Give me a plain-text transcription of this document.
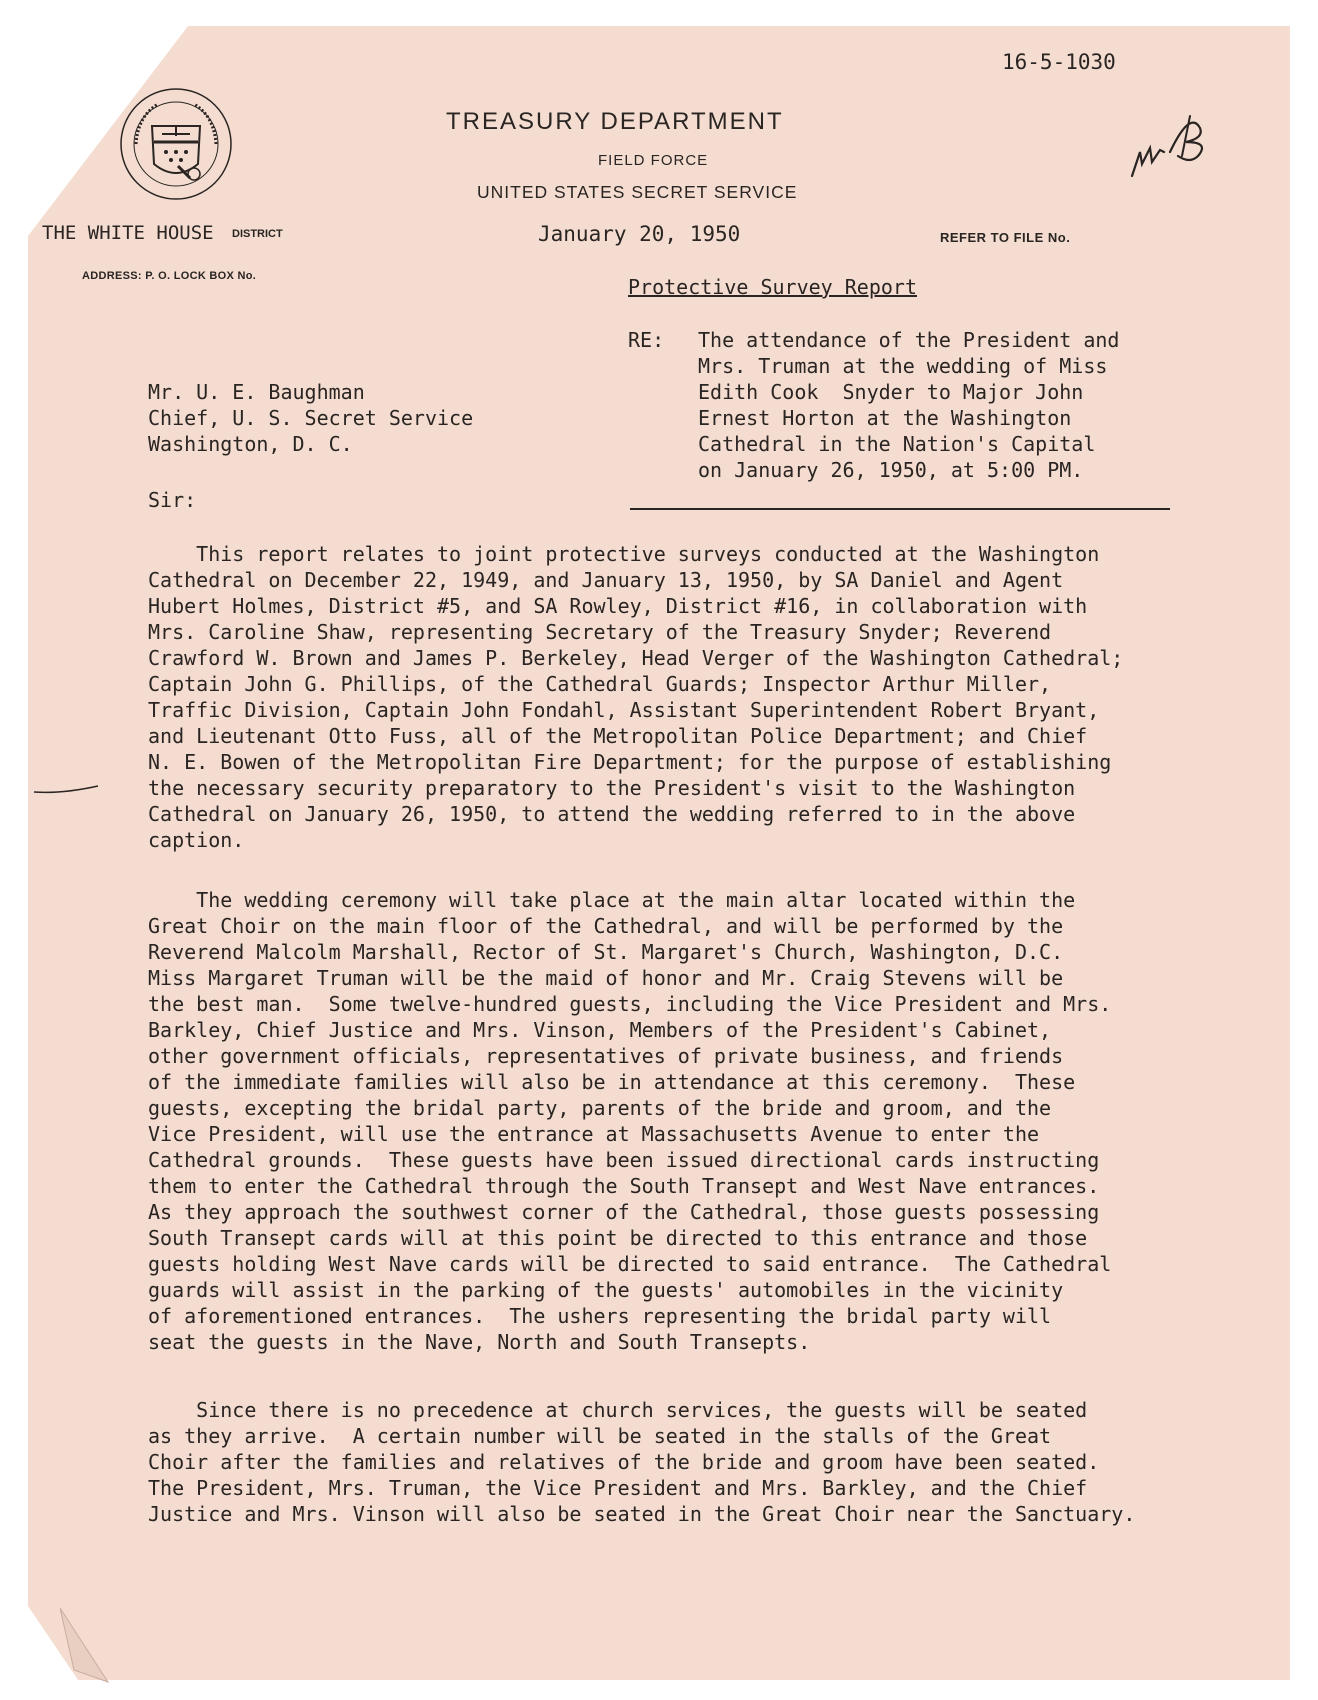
16-5-1030
TREASURY DEPARTMENT
FIELD FORCE
UNITED STATES SECRET SERVICE
THE WHITE HOUSE DISTRICT	January 20, 1950	REFER TO FILE No.
ADDRESS: P. O. LOCK BOX No.	Protective Survey Report
RE: The attendance of the President and
Mrs. Truman at the wedding of Miss
Edith Cook  Snyder to Major John
Ernest Horton at the Washington
Cathedral in the Nation's Capital
on January 26, 1950, at 5:00 PM.
Mr. U. E. Baughman
Chief, U. S. Secret Service
Washington, D. C.
Sir:
This report relates to joint protective surveys conducted at the Washington
Cathedral on December 22, 1949, and January 13, 1950, by SA Daniel and Agent
Hubert Holmes, District #5, and SA Rowley, District #16, in collaboration with
Mrs. Caroline Shaw, representing Secretary of the Treasury Snyder; Reverend
Crawford W. Brown and James P. Berkeley, Head Verger of the Washington Cathedral;
Captain John G. Phillips, of the Cathedral Guards; Inspector Arthur Miller,
Traffic Division, Captain John Fondahl, Assistant Superintendent Robert Bryant,
and Lieutenant Otto Fuss, all of the Metropolitan Police Department; and Chief
N. E. Bowen of the Metropolitan Fire Department; for the purpose of establishing
the necessary security preparatory to the President's visit to the Washington
Cathedral on January 26, 1950, to attend the wedding referred to in the above
caption.
The wedding ceremony will take place at the main altar located within the
Great Choir on the main floor of the Cathedral, and will be performed by the
Reverend Malcolm Marshall, Rector of St. Margaret's Church, Washington, D.C.
Miss Margaret Truman will be the maid of honor and Mr. Craig Stevens will be
the best man.  Some twelve-hundred guests, including the Vice President and Mrs.
Barkley, Chief Justice and Mrs. Vinson, Members of the President's Cabinet,
other government officials, representatives of private business, and friends
of the immediate families will also be in attendance at this ceremony.  These
guests, excepting the bridal party, parents of the bride and groom, and the
Vice President, will use the entrance at Massachusetts Avenue to enter the
Cathedral grounds.  These guests have been issued directional cards instructing
them to enter the Cathedral through the South Transept and West Nave entrances.
As they approach the southwest corner of the Cathedral, those guests possessing
South Transept cards will at this point be directed to this entrance and those
guests holding West Nave cards will be directed to said entrance.  The Cathedral
guards will assist in the parking of the guests' automobiles in the vicinity
of aforementioned entrances.  The ushers representing the bridal party will
seat the guests in the Nave, North and South Transepts.
Since there is no precedence at church services, the guests will be seated
as they arrive.  A certain number will be seated in the stalls of the Great
Choir after the families and relatives of the bride and groom have been seated.
The President, Mrs. Truman, the Vice President and Mrs. Barkley, and the Chief
Justice and Mrs. Vinson will also be seated in the Great Choir near the Sanctuary.
